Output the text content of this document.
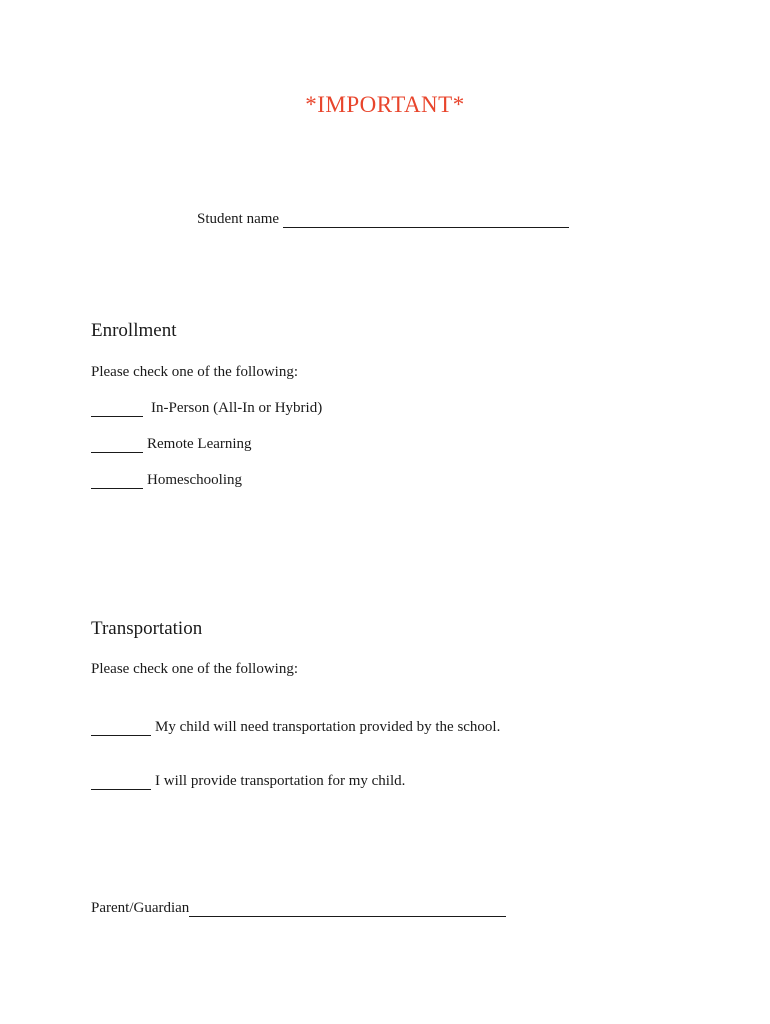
*IMPORTANT*
Student name
Enrollment
Please check one of the following:
In-Person (All-In or Hybrid)
Remote Learning
Homeschooling
Transportation
Please check one of the following:
My child will need transportation provided by the school.
I will provide transportation for my child.
Parent/Guardian
